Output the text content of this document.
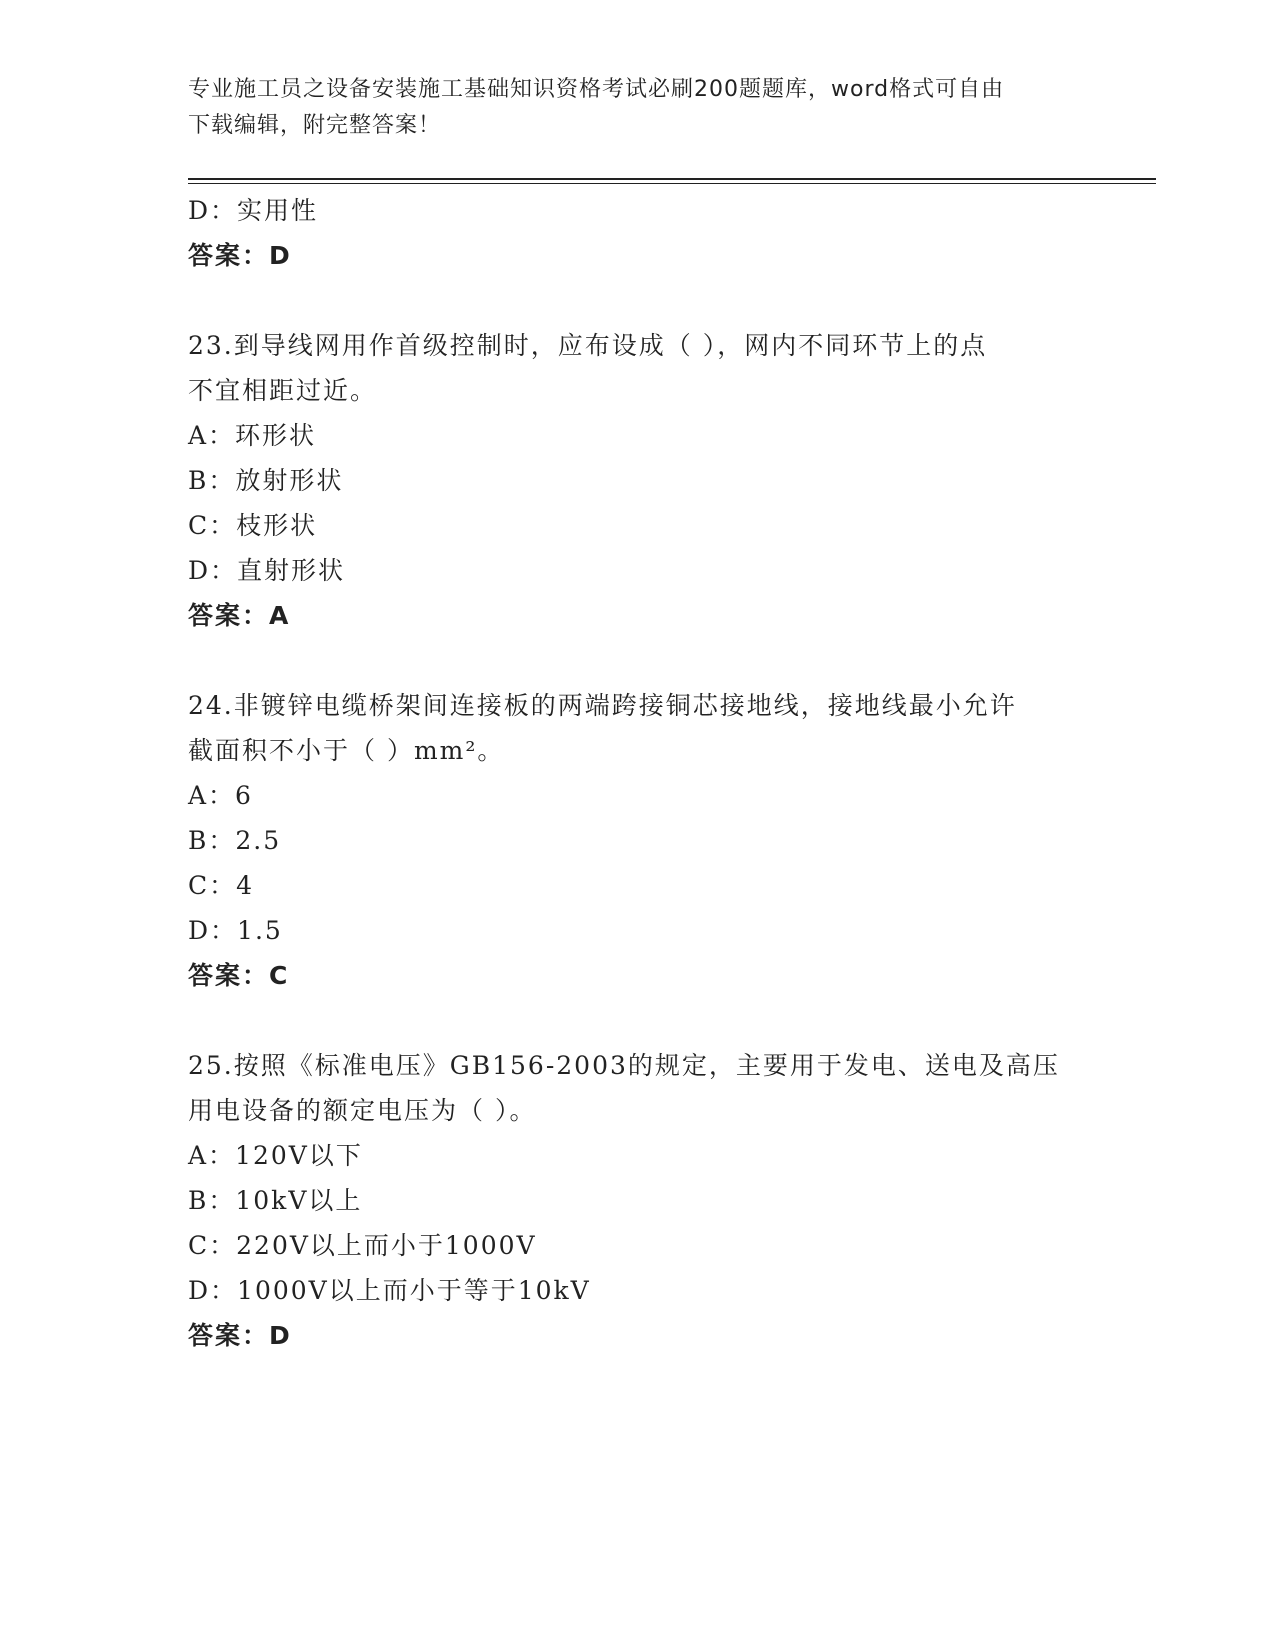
专业施工员之设备安装施工基础知识资格考试必刷200题题库，word格式可自由
下载编辑，附完整答案！
D：实用性
答案：D
23.到导线网用作首级控制时，应布设成（ ），网内不同环节上的点
不宜相距过近。
A：环形状
B：放射形状
C：枝形状
D：直射形状
答案：A
24.非镀锌电缆桥架间连接板的两端跨接铜芯接地线，接地线最小允许
截面积不小于（ ）mm²。
A：6
B：2.5
C：4
D：1.5
答案：C
25.按照《标准电压》GB156-2003的规定，主要用于发电、送电及高压
用电设备的额定电压为（ ）。
A：120V以下
B：10kV以上
C：220V以上而小于1000V
D：1000V以上而小于等于10kV
答案：D
